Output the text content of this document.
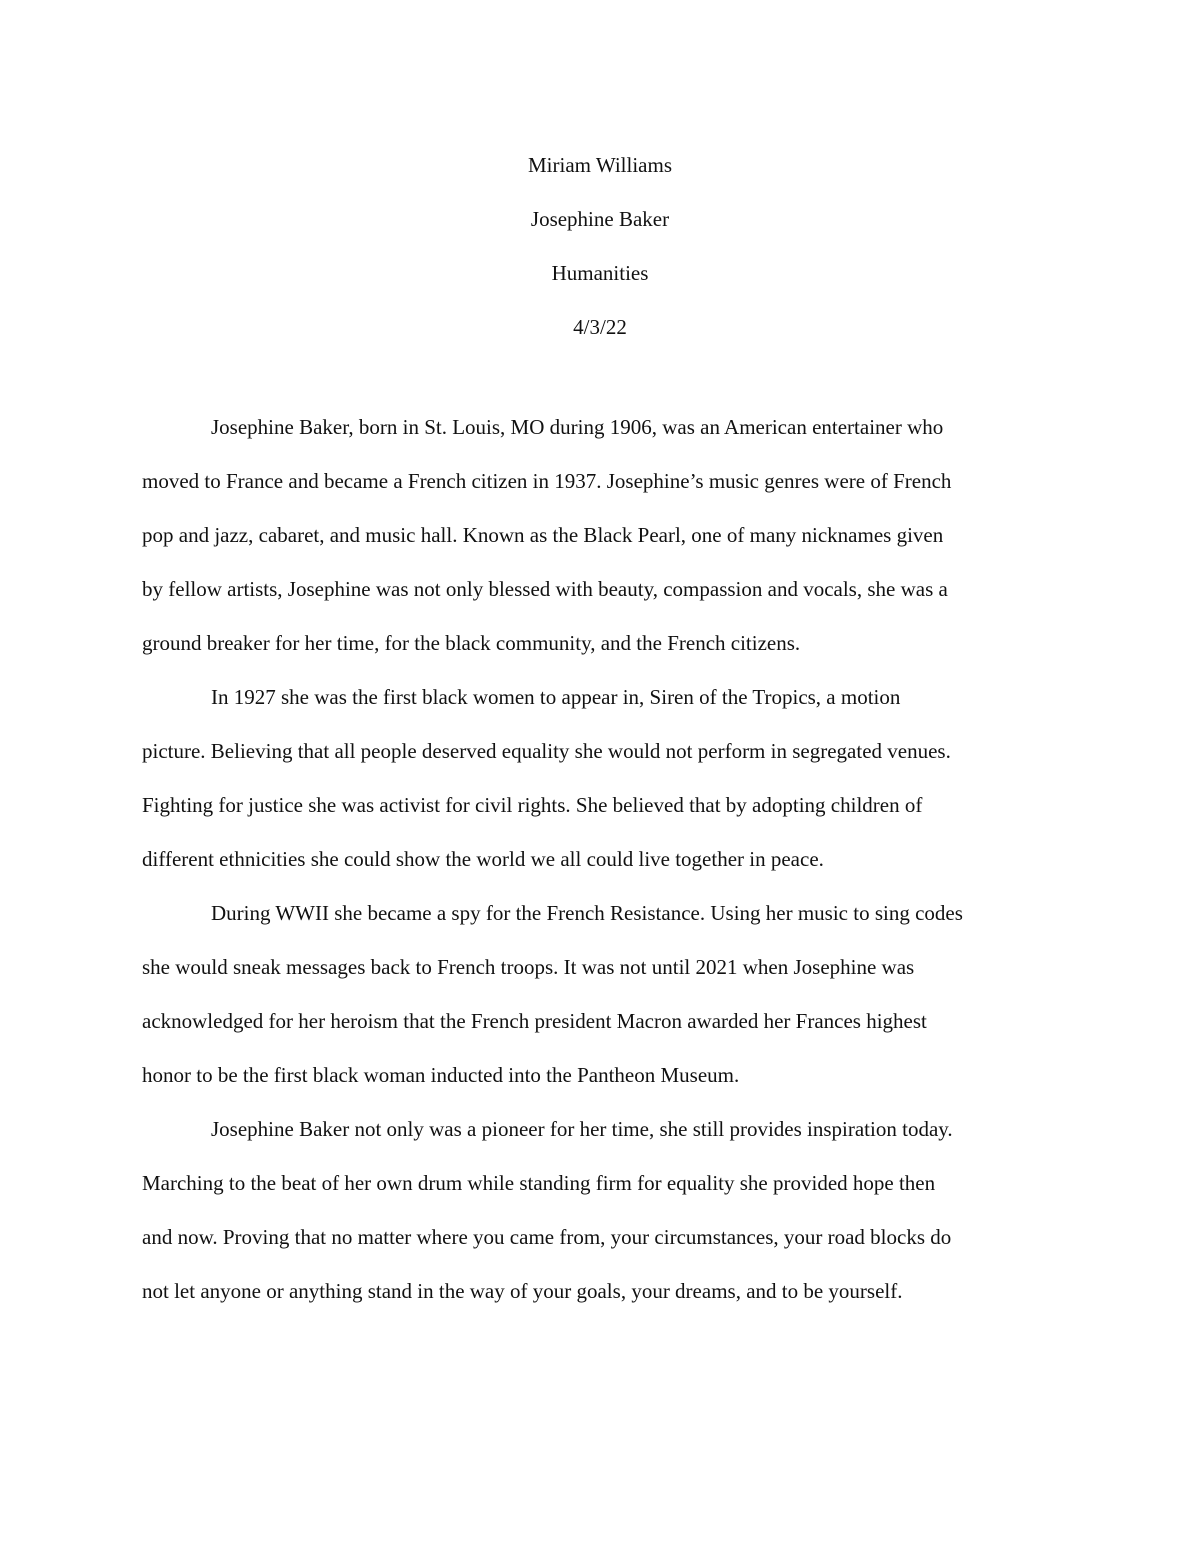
Miriam Williams
Josephine Baker
Humanities
4/3/22
Josephine Baker, born in St. Louis, MO during 1906, was an American entertainer who
moved to France and became a French citizen in 1937. Josephine’s music genres were of French
pop and jazz, cabaret, and music hall. Known as the Black Pearl, one of many nicknames given
by fellow artists, Josephine was not only blessed with beauty, compassion and vocals, she was a
ground breaker for her time, for the black community, and the French citizens.
In 1927 she was the first black women to appear in, Siren of the Tropics, a motion
picture. Believing that all people deserved equality she would not perform in segregated venues.
Fighting for justice she was activist for civil rights. She believed that by adopting children of
different ethnicities she could show the world we all could live together in peace.
During WWII she became a spy for the French Resistance. Using her music to sing codes
she would sneak messages back to French troops. It was not until 2021 when Josephine was
acknowledged for her heroism that the French president Macron awarded her Frances highest
honor to be the first black woman inducted into the Pantheon Museum.
Josephine Baker not only was a pioneer for her time, she still provides inspiration today.
Marching to the beat of her own drum while standing firm for equality she provided hope then
and now. Proving that no matter where you came from, your circumstances, your road blocks do
not let anyone or anything stand in the way of your goals, your dreams, and to be yourself.
